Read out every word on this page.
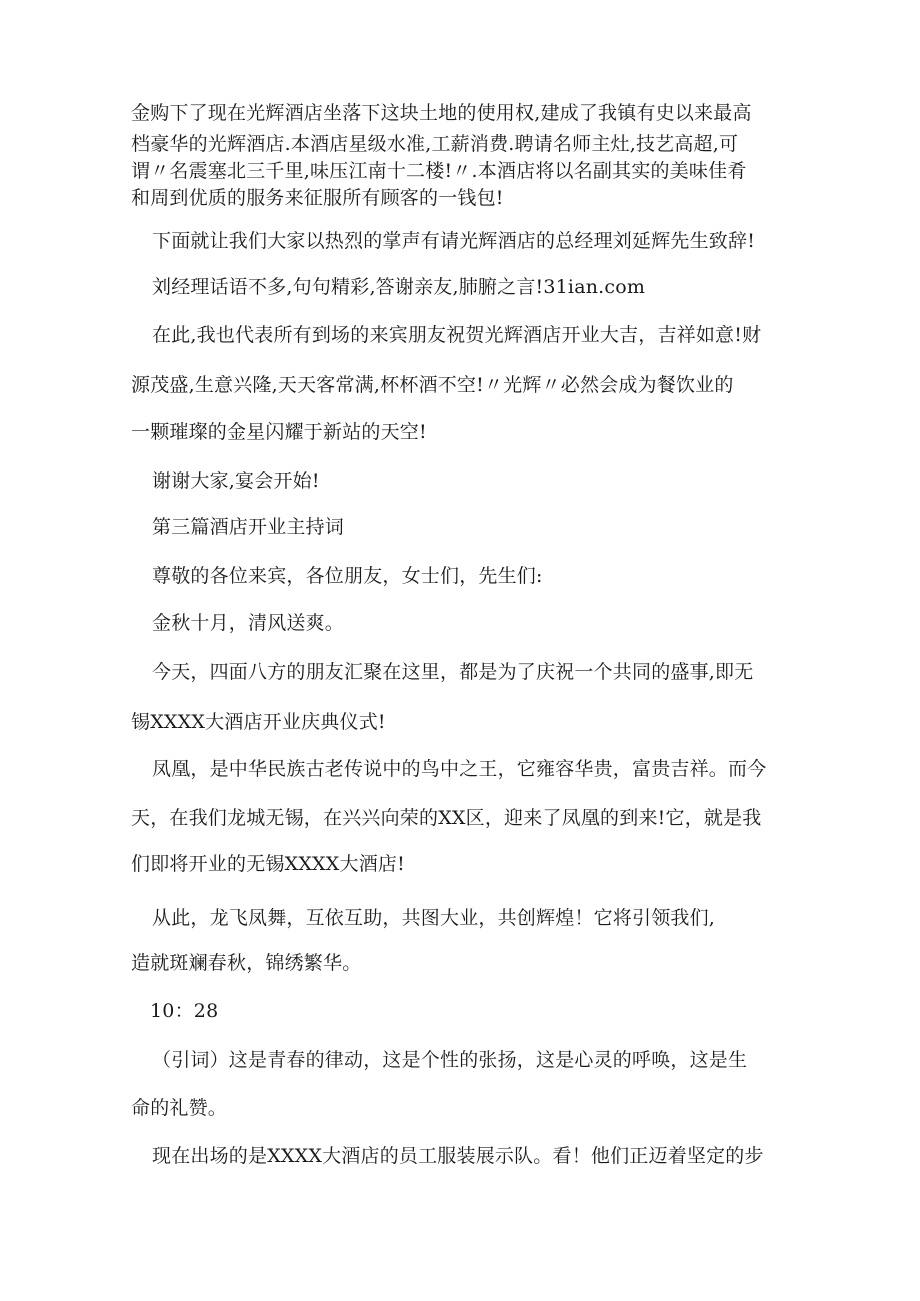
金购下了现在光辉酒店坐落下这块土地的使用权,建成了我镇有史以来最高
档豪华的光辉酒店.本酒店星级水准,工薪消费.聘请名师主灶,技艺高超,可
谓〃名震塞北三千里,味压江南十二楼!〃.本酒店将以名副其实的美味佳肴
和周到优质的服务来征服所有顾客的一钱包!
下面就让我们大家以热烈的掌声有请光辉酒店的总经理刘延辉先生致辞!
刘经理话语不多,句句精彩,答谢亲友,肺腑之言!31ian.com
在此,我也代表所有到场的来宾朋友祝贺光辉酒店开业大吉，吉祥如意!财
源茂盛,生意兴隆,天天客常满,杯杯酒不空!〃光辉〃必然会成为餐饮业的
一颗璀璨的金星闪耀于新站的天空!
谢谢大家,宴会开始!
第三篇酒店开业主持词
尊敬的各位来宾，各位朋友，女士们，先生们:
金秋十月，清风送爽。
今天，四面八方的朋友汇聚在这里，都是为了庆祝一个共同的盛事,即无
锡XXXX大酒店开业庆典仪式!
凤凰，是中华民族古老传说中的鸟中之王，它雍容华贵，富贵吉祥。而今
天，在我们龙城无锡，在兴兴向荣的XX区，迎来了凤凰的到来!它，就是我
们即将开业的无锡XXXX大酒店!
从此，龙飞凤舞，互依互助，共图大业，共创辉煌！它将引领我们,
造就斑斓春秋，锦绣繁华。
10：28
（引词）这是青春的律动，这是个性的张扬，这是心灵的呼唤，这是生
命的礼赞。
现在出场的是XXXX大酒店的员工服装展示队。看！他们正迈着坚定的步
